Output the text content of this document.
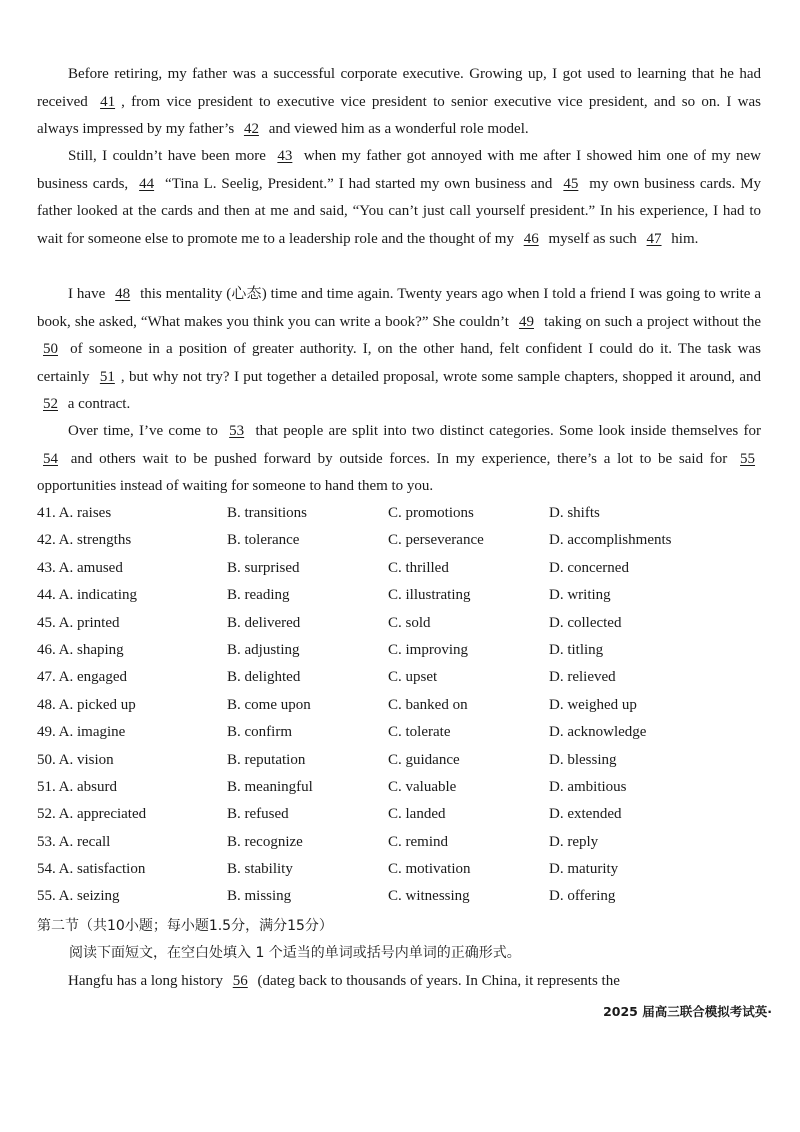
Before retiring, my father was a successful corporate executive. Growing up, I got used to learning that he had received 41 , from vice president to executive vice president to senior executive vice president, and so on. I was always impressed by my father’s 42 and viewed him as a wonderful role model.

Still, I couldn’t have been more 43 when my father got annoyed with me after I showed him one of my new business cards, 44 “Tina L. Seelig, President.” I had started my own business and 45 my own business cards. My father looked at the cards and then at me and said, “You can’t just call yourself president.” In his experience, I had to wait for someone else to promote me to a leadership role and the thought of my 46 myself as such 47 him.

I have 48 this mentality (心态) time and time again. Twenty years ago when I told a friend I was going to write a book, she asked, “What makes you think you can write a book?” She couldn’t 49 taking on such a project without the 50 of someone in a position of greater authority. I, on the other hand, felt confident I could do it. The task was certainly 51 , but why not try? I put together a detailed proposal, wrote some sample chapters, shopped it around, and 52 a contract.

Over time, I’ve come to 53 that people are split into two distinct categories. Some look inside themselves for 54 and others wait to be pushed forward by outside forces. In my experience, there’s a lot to be said for 55 opportunities instead of waiting for someone to hand them to you.

41. A. raises	B. transitions	C. promotions	D. shifts
42. A. strengths	B. tolerance	C. perseverance	D. accomplishments
43. A. amused	B. surprised	C. thrilled	D. concerned
44. A. indicating	B. reading	C. illustrating	D. writing
45. A. printed	B. delivered	C. sold	D. collected
46. A. shaping	B. adjusting	C. improving	D. titling
47. A. engaged	B. delighted	C. upset	D. relieved
48. A. picked up	B. come upon	C. banked on	D. weighed up
49. A. imagine	B. confirm	C. tolerate	D. acknowledge
50. A. vision	B. reputation	C. guidance	D. blessing
51. A. absurd	B. meaningful	C. valuable	D. ambitious
52. A. appreciated	B. refused	C. landed	D. extended
53. A. recall	B. recognize	C. remind	D. reply
54. A. satisfaction	B. stability	C. motivation	D. maturity
55. A. seizing	B. missing	C. witnessing	D. offering
第二节（共10小题；每小题1.5分，满分15分）
阅读下面短文，在空白处填入 1 个适当的单词或括号内单词的正确形式。

Hangfu has a long history 56 (dateg back to thousands of years. In China, it represents the

2025 届高三联合模拟考试英·
